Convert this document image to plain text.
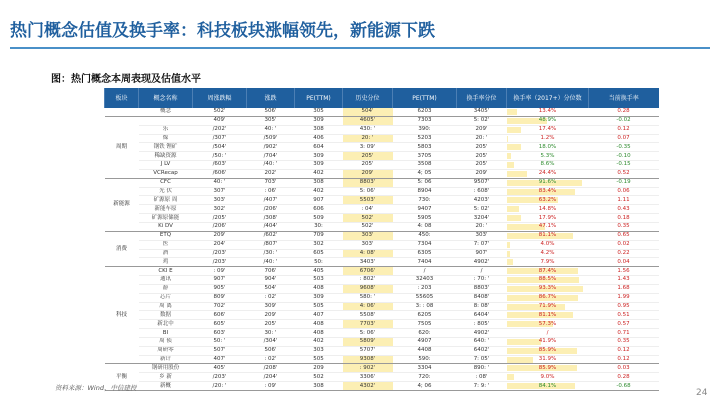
热门概念估值及换手率：科技板块涨幅领先，新能源下跌
图：热门概念本周表现及估值水平
板块	概念名称	周涨跌幅	涨跌	PE(TTM)	历史分位	PE(TTM)	换手率分位	换手率（2017+）分位数	当前换手率
	概念	502'	506'	305	504'	6203	3405'	13.4%	0.28
周期		409'	305'	309	4605'	7303	5: 02'	48.9%	-0.02
	乐	/202'	40: '	308	430: '	390:	209'	17.4%	0.12
	煤	/307'	/509'	406	20: '	5203	20: '	1.2%	0.07
	钢铁 锂矿	/504'	/902'	604	3: 09'	5803	205'	18.0%	-0.35
	稀缺资源	/50: '	/704'	309	205'	3705	205'	5.3%	-0.10
	J LV	/603'	/40: '	309	205'	3508	205'	8.6%	-0.15
	VCRecap	/606'	202'	402	209'	4; 05	209'	24.4%	0.52
新能源	CFC	40: '	703'	308	8803'	5: 06	9507'	91.6%	-0.19
	光 伏	307'	: 06'	402	5: 06'	8904	: 608'	83.4%	0.06
	矿源原 周	303'	/407'	907	5503'	730:	4203'	63.2%	1.11
	新能车原	302'	/206'	606	: 04'	9407	5: 02'	14.8%	0.43
	矿源原储能	/205'	/308'	509	502'	5905	3204'	17.9%	0.18
	Ki DV	/206'	/404'	30:	502'	4: 08	20: '	47.1%	0.35
消费	ETQ	209'	/602'	709	303'	450:	303'	81.1%	0.65
	医	204'	/807'	302	303'	7304	7: 07'	4.0%	0.02
	酒	/203'	/30: '	605	4: 08'	6305	907'	4.2%	0.22
	鸡	/203'	/40: '	50:	3403'	7404	4902'	7.9%	0.04
科技	CKI E	: 09'	706'	405	6706'	/	/	87.4%	1.56
	通讯	907'	904'	503	: 802'	32403	: 70: '	88.5%	1.43
	游	905'	504'	408	9608'	: 203	8803'	93.3%	1.68
	芯片	809'	: 02'	309	580: '	55605	8408'	86.7%	1.99
	周 离	702'	309'	505	4: 06'	3: : 08	8: 08'	71.9%	0.95
	数据	606'	209'	407	5508'	6205	6404'	81.1%	0.51
	新北中	605'	205'	408	7703'	7505	: 805'	57.3%	0.57
	BI	603'	30: '	408	5: 06'	620:	4902'	/	0.71
	周 侦	50: '	/304'	402	5809'	4907	640: '	41.9%	0.35
	周研零	507'	506'	303	5707'	4408	6402'	85.9%	0.12
	新计	407'	: 02'	505	9308'	590:	7: 05'	31.9%	0.12
平衡	钢研用股份	405'	/208'	209	: 902'	3304	890: '	85.9%	0.03
	乡 新	/203'	/204'	502	3306'	720:	: 08'	9.0%	0.28
	新概	/20: '	: 09'	308	4302'	4; 06	7: 9: '	84.1%	-0.68
资料来源：Wind，中信建投	24
